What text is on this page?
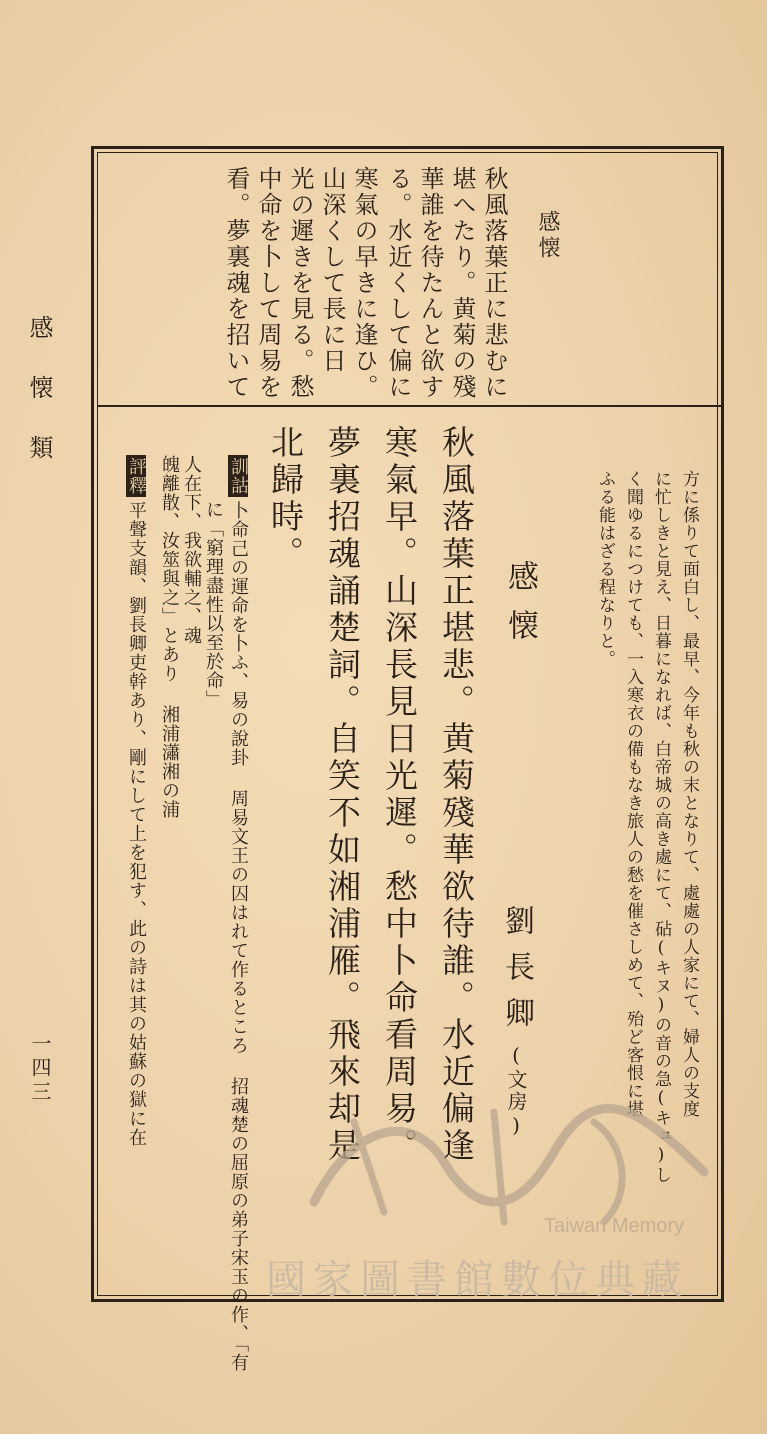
感懐
秋風落葉正に悲むに
堪へたり。黄菊の殘
華誰を待たんと欲す
る。水近くして偏に
寒氣の早きに逢ひ。
山深くして長に日
光の遲きを見る。愁
中命を卜して周易を
看。夢裏魂を招いて
方に係りて面白し、最早、今年も秋の末となりて、處處の人家にて、婦人の支度
に忙しきと見え、日暮になれば、白帝城の高き處にて、砧(キヌ)の音の急(キュ)し
く聞ゆるにつけても、一入寒衣の備もなき旅人の愁を催さしめて、殆ど客恨に堪
ふる能はざる程なりと。
感懐
劉長卿(文房)
秋風落葉正堪悲。黄菊殘華欲待誰。水近偏逢
寒氣早。山深長見日光遲。愁中卜命看周易。
夢裏招魂誦楚詞。自笑不如湘浦雁。飛來却是
北歸時。
訓詁卜命己の運命を卜ふ、易の說卦 周易文王の囚はれて作るところ 招魂楚の屈原の弟子宋玉の作、「有
に「窮理盡性以至於命」
人在下、我欲輔之、魂
魄離散、汝筮與之」とあり 湘浦瀟湘の浦
評釋平聲支韻、劉長卿吏幹あり、剛にして上を犯す、此の詩は其の姑蘇の獄に在
感懐類
一四三
Taiwan Memory
國家圖書館數位典藏
